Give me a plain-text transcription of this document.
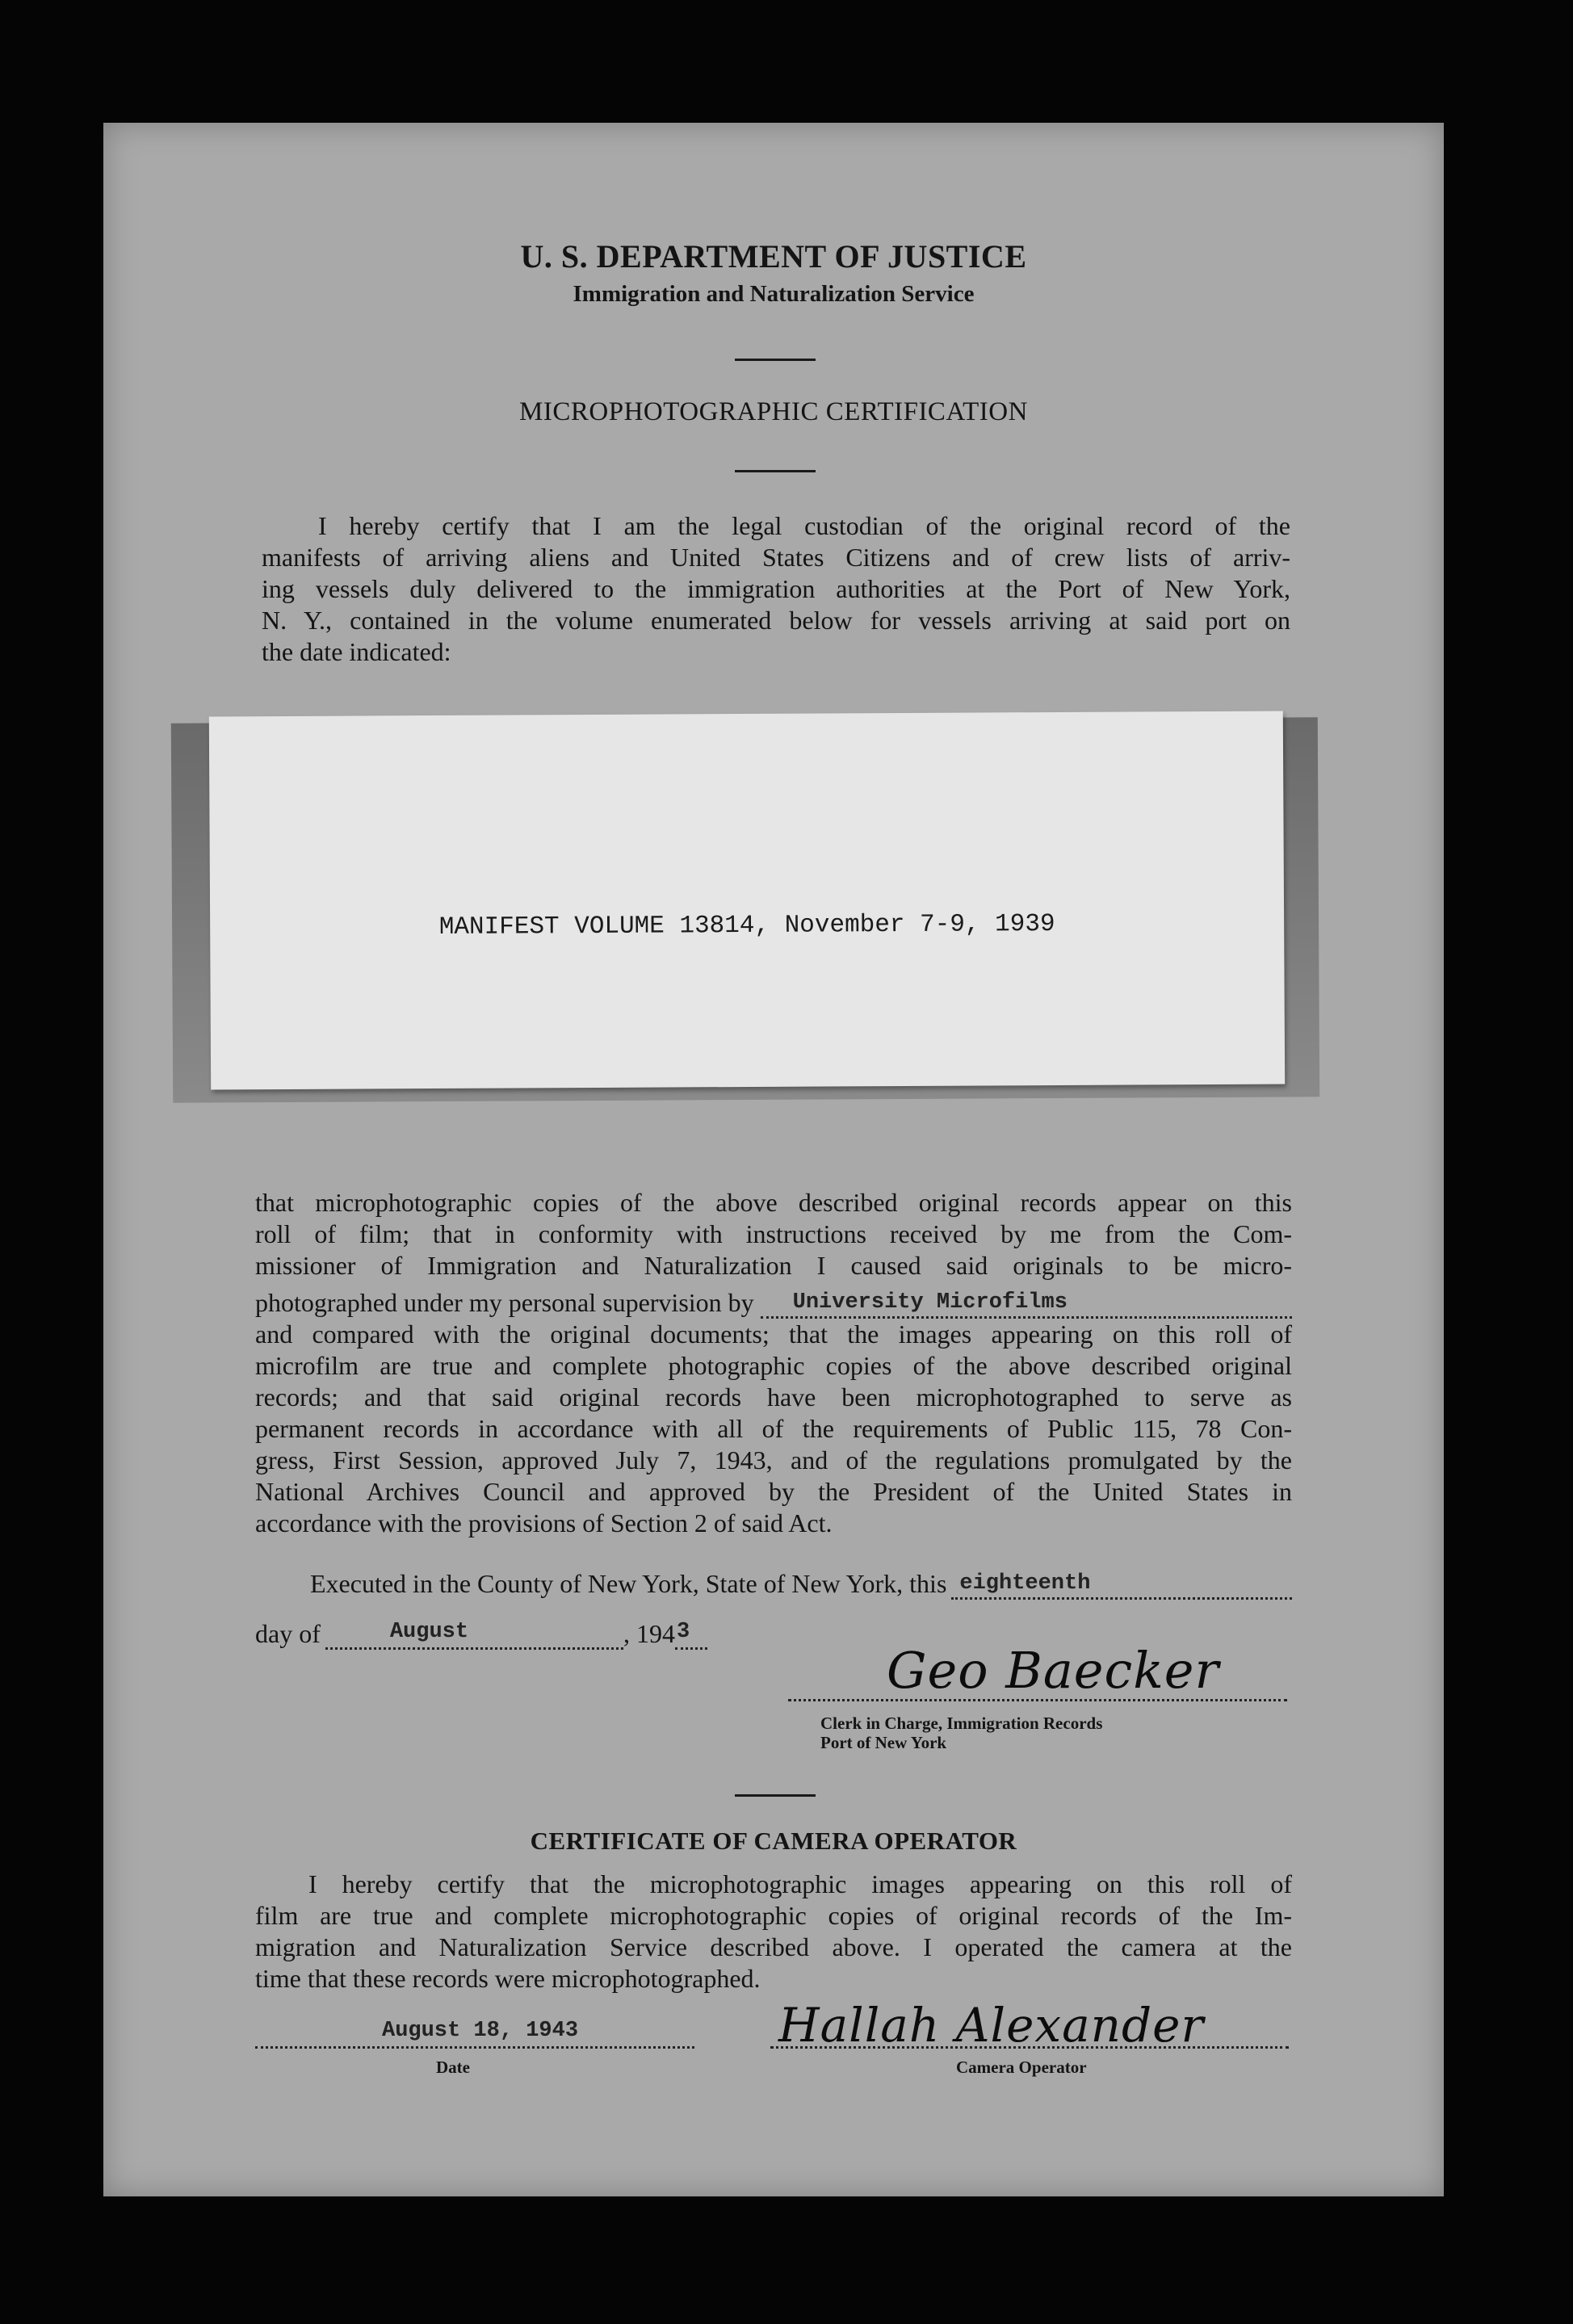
U. S. DEPARTMENT OF JUSTICE
Immigration and Naturalization Service
MICROPHOTOGRAPHIC CERTIFICATION
I hereby certify that I am the legal custodian of the original record of the
manifests of arriving aliens and United States Citizens and of crew lists of arriv-
ing vessels duly delivered to the immigration authorities at the Port of New York,
N. Y., contained in the volume enumerated below for vessels arriving at said port on
the date indicated:
MANIFEST VOLUME 13814, November 7-9, 1939
that microphotographic copies of the above described original records appear on this
roll of film; that in conformity with instructions received by me from the Com-
missioner of Immigration and Naturalization I caused said originals to be micro-
photographed under my personal supervision by University Microfilms
and compared with the original documents; that the images appearing on this roll of
microfilm are true and complete photographic copies of the above described original
records; and that said original records have been microphotographed to serve as
permanent records in accordance with all of the requirements of Public 115, 78 Con-
gress, First Session, approved July 7, 1943, and of the regulations promulgated by the
National Archives Council and approved by the President of the United States in
accordance with the provisions of Section 2 of said Act.
Executed in the County of New York, State of New York, this eighteenth
day of	August	, 194 3
Geo Baecker
Clerk in Charge, Immigration Records
Port of New York
CERTIFICATE OF CAMERA OPERATOR
I hereby certify that the microphotographic images appearing on this roll of
film are true and complete microphotographic copies of original records of the Im-
migration and Naturalization Service described above. I operated the camera at the
time that these records were microphotographed.
August 18, 1943
Date
Hallah Alexander
Camera Operator
